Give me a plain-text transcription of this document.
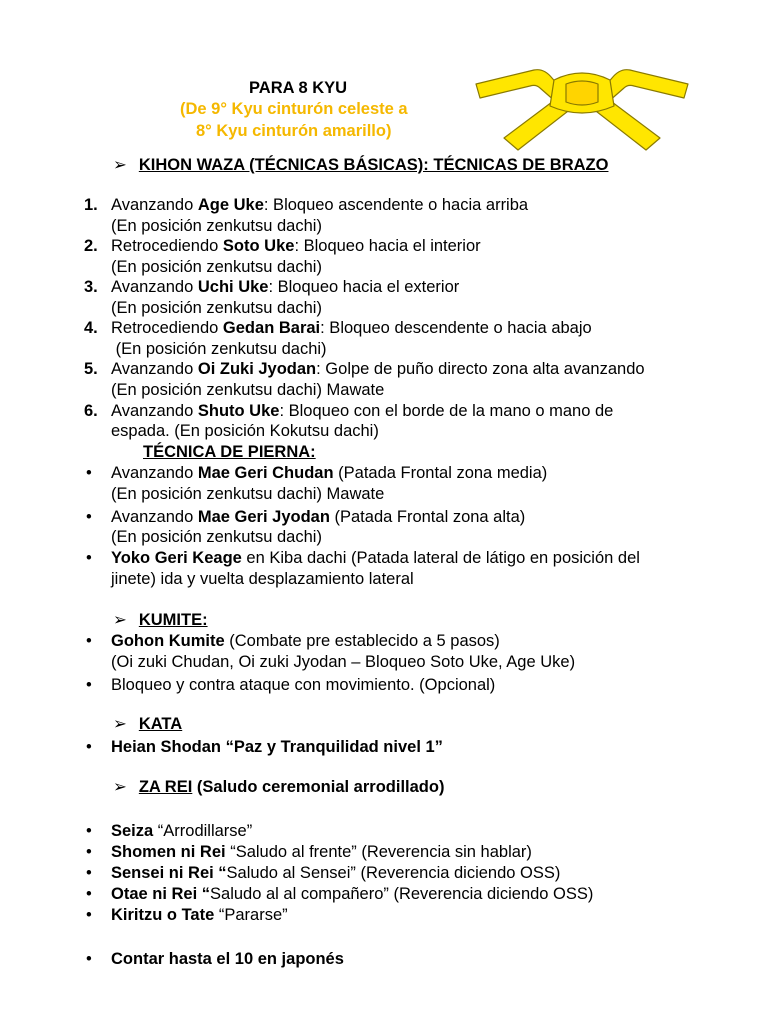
PARA 8 KYU
(De 9° Kyu cinturón celeste a
8° Kyu cinturón amarillo)
➢ KIHON WAZA (TÉCNICAS BÁSICAS): TÉCNICAS DE BRAZO
1. Avanzando Age Uke: Bloqueo ascendente o hacia arriba
(En posición zenkutsu dachi)
2. Retrocediendo Soto Uke: Bloqueo hacia el interior
(En posición zenkutsu dachi)
3. Avanzando Uchi Uke: Bloqueo hacia el exterior
(En posición zenkutsu dachi)
4. Retrocediendo Gedan Barai: Bloqueo descendente o hacia abajo
(En posición zenkutsu dachi)
5. Avanzando Oi Zuki Jyodan: Golpe de puño directo zona alta avanzando
(En posición zenkutsu dachi) Mawate
6. Avanzando Shuto Uke: Bloqueo con el borde de la mano o mano de
espada. (En posición Kokutsu dachi)
TÉCNICA DE PIERNA:
• Avanzando Mae Geri Chudan (Patada Frontal zona media)
(En posición zenkutsu dachi) Mawate
• Avanzando Mae Geri Jyodan (Patada Frontal zona alta)
(En posición zenkutsu dachi)
• Yoko Geri Keage en Kiba dachi (Patada lateral de látigo en posición del
jinete) ida y vuelta desplazamiento lateral
➢ KUMITE:
• Gohon Kumite (Combate pre establecido a 5 pasos)
(Oi zuki Chudan, Oi zuki Jyodan – Bloqueo Soto Uke, Age Uke)
• Bloqueo y contra ataque con movimiento. (Opcional)
➢ KATA
• Heian Shodan “Paz y Tranquilidad nivel 1”
➢ ZA REI (Saludo ceremonial arrodillado)
• Seiza “Arrodillarse”
• Shomen ni Rei “Saludo al frente” (Reverencia sin hablar)
• Sensei ni Rei “Saludo al Sensei” (Reverencia diciendo OSS)
• Otae ni Rei “Saludo al al compañero” (Reverencia diciendo OSS)
• Kiritzu o Tate “Pararse”
• Contar hasta el 10 en japonés
